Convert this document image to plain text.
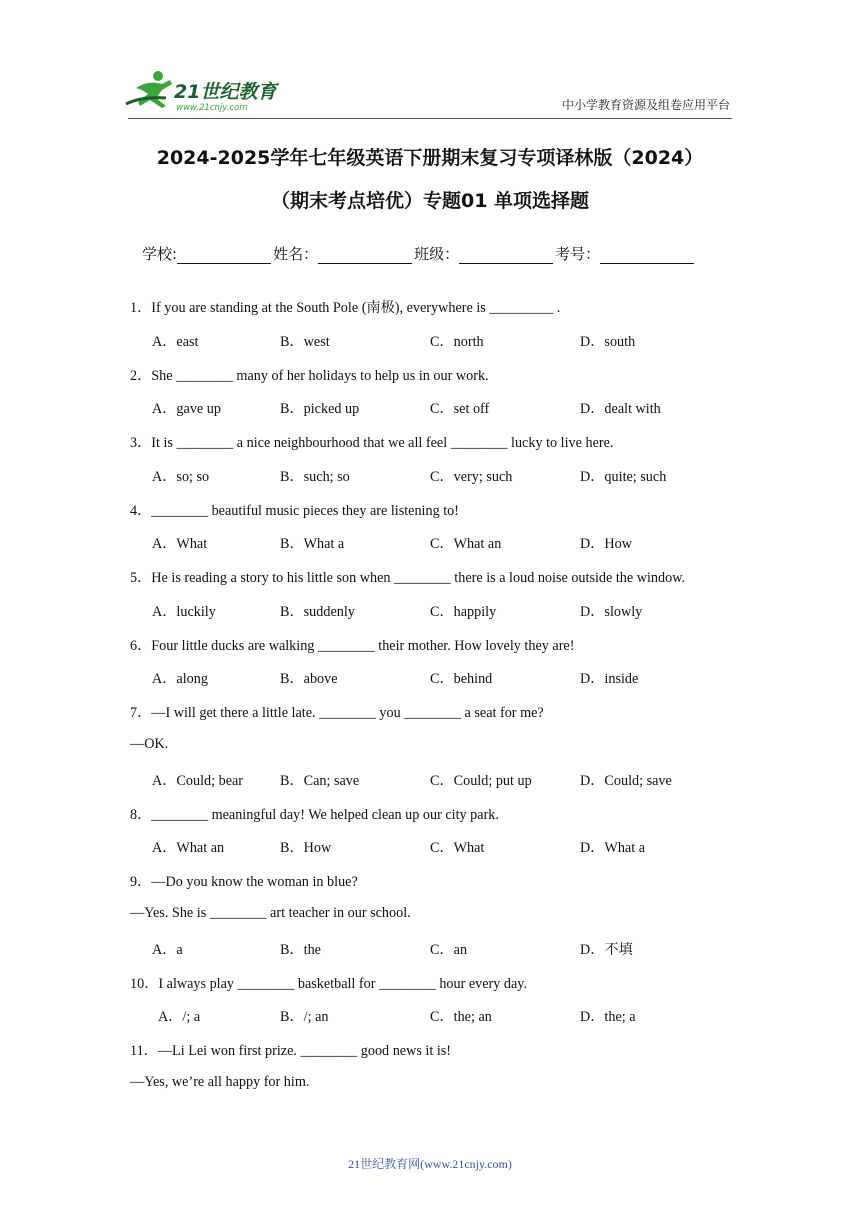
21世纪教育
www.21cnjy.com	中小学教育资源及组卷应用平台
2024-2025学年七年级英语下册期末复习专项译林版（2024）
（期末考点培优）专题01 单项选择题
学校:	姓名：	班级：	考号：
1．If you are standing at the South Pole (南极), everywhere is _________ .
A．east	B．west	C．north	D．south
2．She ________ many of her holidays to help us in our work.
A．gave up	B．picked up	C．set off	D．dealt with
3．It is ________ a nice neighbourhood that we all feel ________ lucky to live here.
A．so; so	B．such; so	C．very; such	D．quite; such
4．________ beautiful music pieces they are listening to!
A．What	B．What a	C．What an	D．How
5．He is reading a story to his little son when ________ there is a loud noise outside the window.
A．luckily	B．suddenly	C．happily	D．slowly
6．Four little ducks are walking ________ their mother. How lovely they are!
A．along	B．above	C．behind	D．inside
7．—I will get there a little late. ________ you ________ a seat for me?
—OK.
A．Could; bear	B．Can; save	C．Could; put up	D．Could; save
8．________ meaningful day! We helped clean up our city park.
A．What an	B．How	C．What	D．What a
9．—Do you know the woman in blue?
—Yes. She is ________ art teacher in our school.
A．a	B．the	C．an	D．不填
10．I always play ________ basketball for ________ hour every day.
A．/; a	B．/; an	C．the; an	D．the; a
11．—Li Lei won first prize. ________ good news it is!
—Yes, we’re all happy for him.
21世纪教育网(www.21cnjy.com)
